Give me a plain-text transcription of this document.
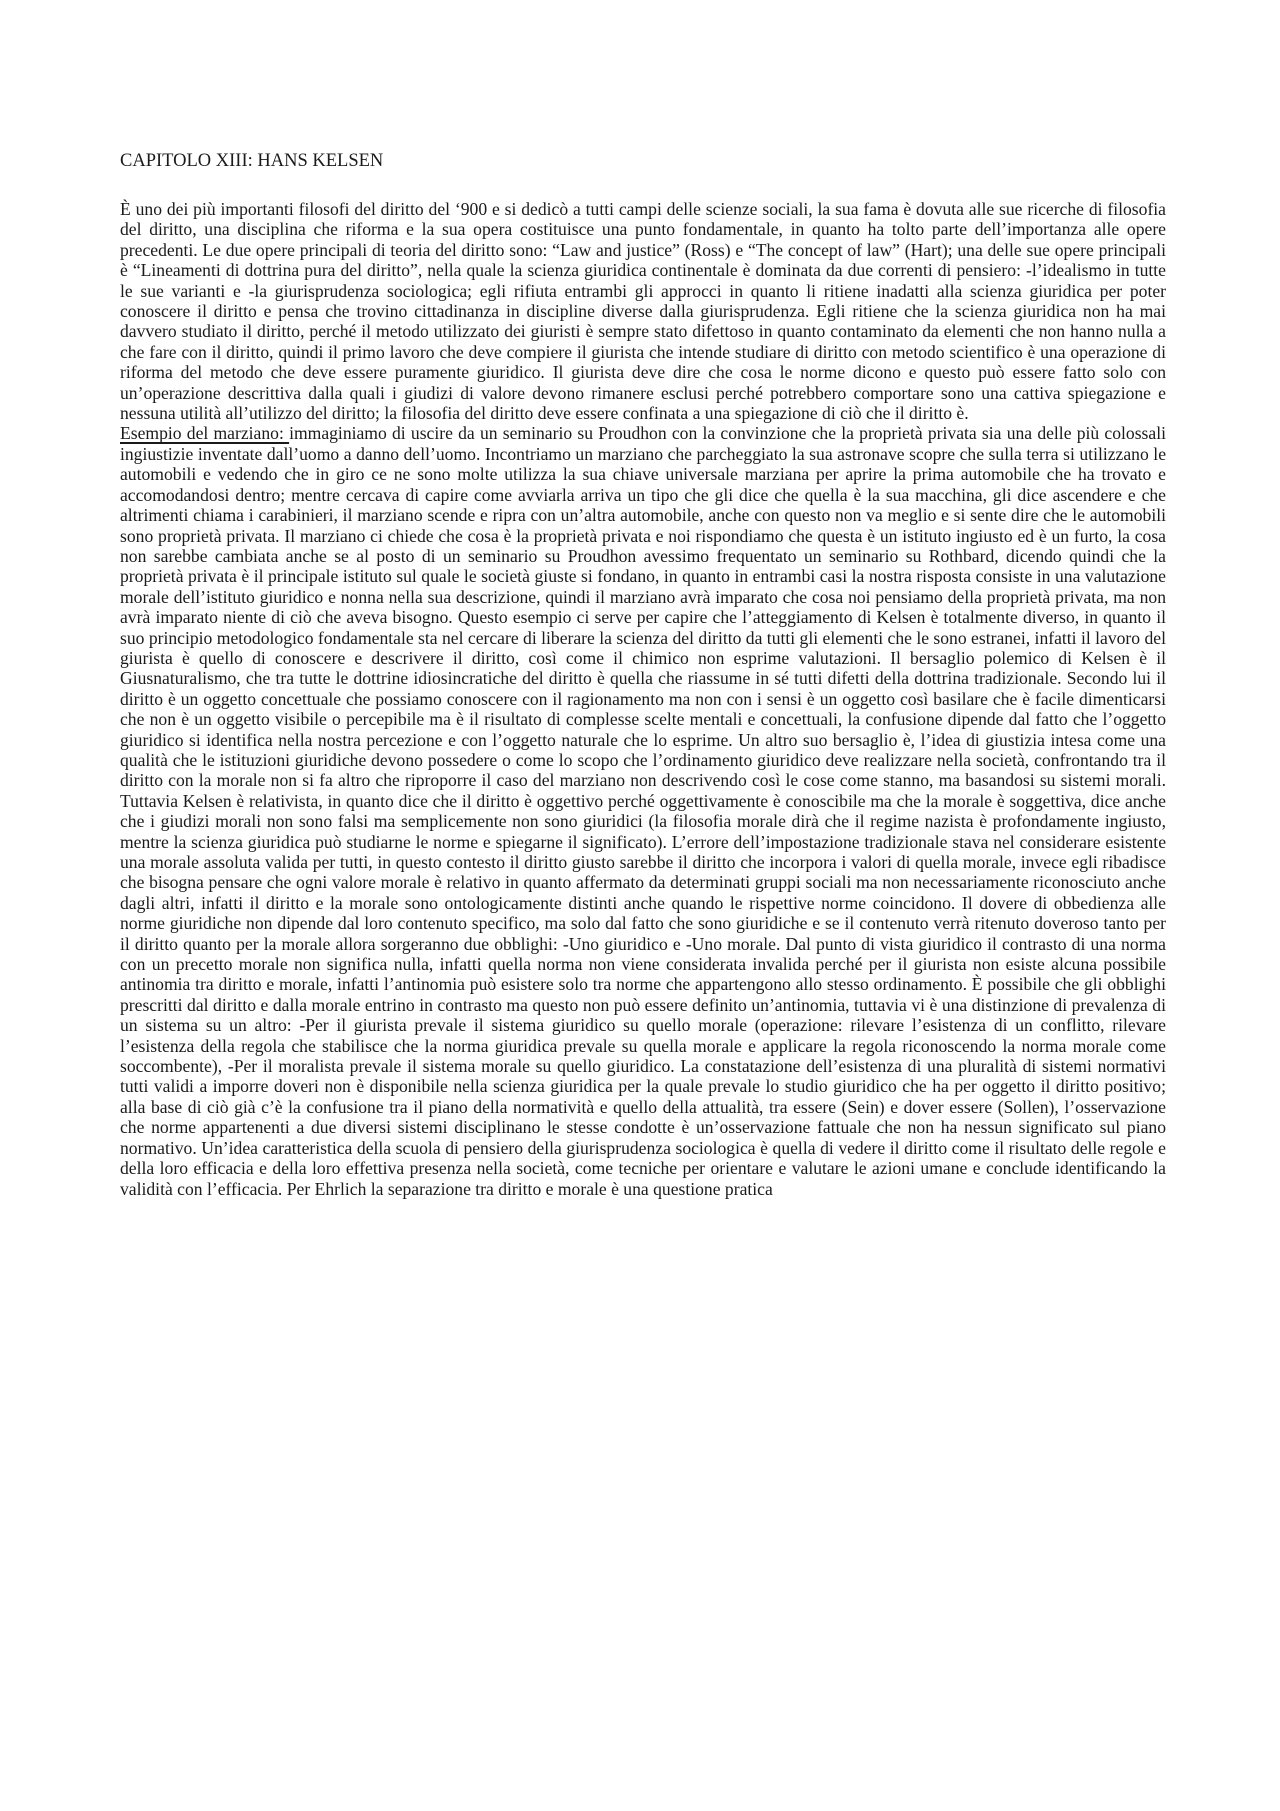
CAPITOLO XIII: HANS KELSEN

È uno dei più importanti filosofi del diritto del ‘900 e si dedicò a tutti campi delle scienze sociali, la sua fama è dovuta alle sue ricerche di filosofia del diritto, una disciplina che riforma e la sua opera costituisce una punto fondamentale, in quanto ha tolto parte dell’importanza alle opere precedenti. Le due opere principali di teoria del diritto sono: “Law and justice” (Ross) e “The concept of law” (Hart); una delle sue opere principali è “Lineamenti di dottrina pura del diritto”, nella quale la scienza giuridica continentale è dominata da due correnti di pensiero: -l’idealismo in tutte le sue varianti e -la giurisprudenza sociologica; egli rifiuta entrambi gli approcci in quanto li ritiene inadatti alla scienza giuridica per poter conoscere il diritto e pensa che trovino cittadinanza in discipline diverse dalla giurisprudenza. Egli ritiene che la scienza giuridica non ha mai davvero studiato il diritto, perché il metodo utilizzato dei giuristi è sempre stato difettoso in quanto contaminato da elementi che non hanno nulla a che fare con il diritto, quindi il primo lavoro che deve compiere il giurista che intende studiare di diritto con metodo scientifico è una operazione di riforma del metodo che deve essere puramente giuridico. Il giurista deve dire che cosa le norme dicono e questo può essere fatto solo con un’operazione descrittiva dalla quali i giudizi di valore devono rimanere esclusi perché potrebbero comportare sono una cattiva spiegazione e nessuna utilità all’utilizzo del diritto; la filosofia del diritto deve essere confinata a una spiegazione di ciò che il diritto è.

Esempio del marziano: immaginiamo di uscire da un seminario su Proudhon con la convinzione che la proprietà privata sia una delle più colossali ingiustizie inventate dall’uomo a danno dell’uomo. Incontriamo un marziano che parcheggiato la sua astronave scopre che sulla terra si utilizzano le automobili e vedendo che in giro ce ne sono molte utilizza la sua chiave universale marziana per aprire la prima automobile che ha trovato e accomodandosi dentro; mentre cercava di capire come avviarla arriva un tipo che gli dice che quella è la sua macchina, gli dice ascendere e che altrimenti chiama i carabinieri, il marziano scende e ripra con un’altra automobile, anche con questo non va meglio e si sente dire che le automobili sono proprietà privata. Il marziano ci chiede che cosa è la proprietà privata e noi rispondiamo che questa è un istituto ingiusto ed è un furto, la cosa non sarebbe cambiata anche se al posto di un seminario su Proudhon avessimo frequentato un seminario su Rothbard, dicendo quindi che la proprietà privata è il principale istituto sul quale le società giuste si fondano, in quanto in entrambi casi la nostra risposta consiste in una valutazione morale dell’istituto giuridico e nonna nella sua descrizione, quindi il marziano avrà imparato che cosa noi pensiamo della proprietà privata, ma non avrà imparato niente di ciò che aveva bisogno. Questo esempio ci serve per capire che l’atteggiamento di Kelsen è totalmente diverso, in quanto il suo principio metodologico fondamentale sta nel cercare di liberare la scienza del diritto da tutti gli elementi che le sono estranei, infatti il lavoro del giurista è quello di conoscere e descrivere il diritto, così come il chimico non esprime valutazioni. Il bersaglio polemico di Kelsen è il Giusnaturalismo, che tra tutte le dottrine idiosincratiche del diritto è quella che riassume in sé tutti difetti della dottrina tradizionale. Secondo lui il diritto è un oggetto concettuale che possiamo conoscere con il ragionamento ma non con i sensi è un oggetto così basilare che è facile dimenticarsi che non è un oggetto visibile o percepibile ma è il risultato di complesse scelte mentali e concettuali, la confusione dipende dal fatto che l’oggetto giuridico si identifica nella nostra percezione e con l’oggetto naturale che lo esprime. Un altro suo bersaglio è, l’idea di giustizia intesa come una qualità che le istituzioni giuridiche devono possedere o come lo scopo che l’ordinamento giuridico deve realizzare nella società, confrontando tra il diritto con la morale non si fa altro che riproporre il caso del marziano non descrivendo così le cose come stanno, ma basandosi su sistemi morali. Tuttavia Kelsen è relativista, in quanto dice che il diritto è oggettivo perché oggettivamente è conoscibile ma che la morale è soggettiva, dice anche che i giudizi morali non sono falsi ma semplicemente non sono giuridici (la filosofia morale dirà che il regime nazista è profondamente ingiusto, mentre la scienza giuridica può studiarne le norme e spiegarne il significato). L’errore dell’impostazione tradizionale stava nel considerare esistente una morale assoluta valida per tutti, in questo contesto il diritto giusto sarebbe il diritto che incorpora i valori di quella morale, invece egli ribadisce che bisogna pensare che ogni valore morale è relativo in quanto affermato da determinati gruppi sociali ma non necessariamente riconosciuto anche dagli altri, infatti il diritto e la morale sono ontologicamente distinti anche quando le rispettive norme coincidono. Il dovere di obbedienza alle norme giuridiche non dipende dal loro contenuto specifico, ma solo dal fatto che sono giuridiche e se il contenuto verrà ritenuto doveroso tanto per il diritto quanto per la morale allora sorgeranno due obblighi: -Uno giuridico e -Uno morale. Dal punto di vista giuridico il contrasto di una norma con un precetto morale non significa nulla, infatti quella norma non viene considerata invalida perché per il giurista non esiste alcuna possibile antinomia tra diritto e morale, infatti l’antinomia può esistere solo tra norme che appartengono allo stesso ordinamento. È possibile che gli obblighi prescritti dal diritto e dalla morale entrino in contrasto ma questo non può essere definito un’antinomia, tuttavia vi è una distinzione di prevalenza di un sistema su un altro: -Per il giurista prevale il sistema giuridico su quello morale (operazione: rilevare l’esistenza di un conflitto, rilevare l’esistenza della regola che stabilisce che la norma giuridica prevale su quella morale e applicare la regola riconoscendo la norma morale come soccombente), -Per il moralista prevale il sistema morale su quello giuridico. La constatazione dell’esistenza di una pluralità di sistemi normativi tutti validi a imporre doveri non è disponibile nella scienza giuridica per la quale prevale lo studio giuridico che ha per oggetto il diritto positivo; alla base di ciò già c’è la confusione tra il piano della normatività e quello della attualità, tra essere (Sein) e dover essere (Sollen), l’osservazione che norme appartenenti a due diversi sistemi disciplinano le stesse condotte è un’osservazione fattuale che non ha nessun significato sul piano normativo. Un’idea caratteristica della scuola di pensiero della giurisprudenza sociologica è quella di vedere il diritto come il risultato delle regole e della loro efficacia e della loro effettiva presenza nella società, come tecniche per orientare e valutare le azioni umane e conclude identificando la validità con l’efficacia. Per Ehrlich la separazione tra diritto e morale è una questione pratica
